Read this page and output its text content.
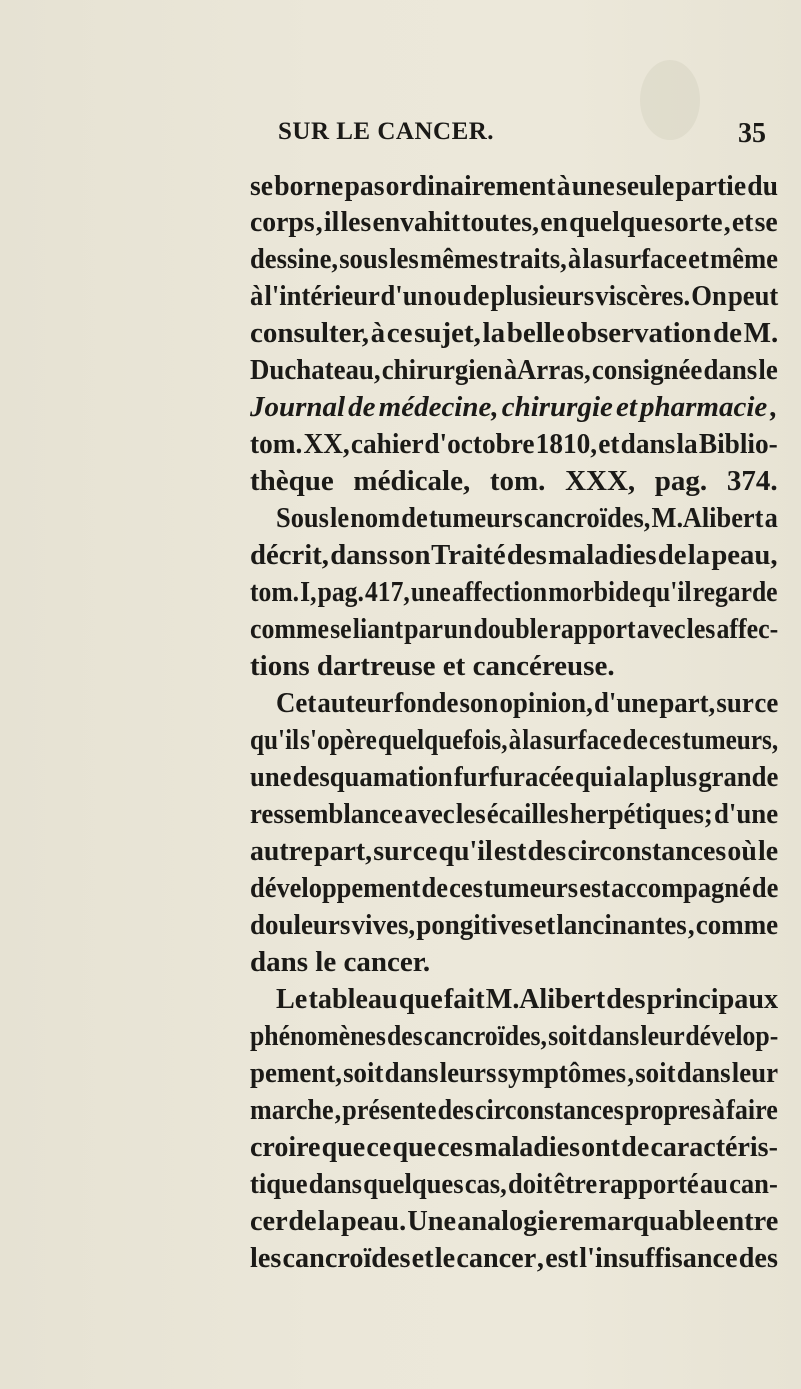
SUR LE CANCER.	35
se borne pas ordinairement à une seule partie du
corps , il les envahit toutes, en quelque sorte , et se
dessine, sous les mêmes traits, à la surface et même
à l'intérieur d'un ou de plusieurs viscères. On peut
consulter, à ce sujet, la belle observation de M.
Duchateau, chirurgien à Arras, consignée dans le
Journal de médecine, chirurgie et pharmacie ,
tom. XX, cahier d'octobre 1810, et dans la Biblio-
thèque médicale, tom. XXX, pag. 374.
Sous le nom de tumeurs cancroïdes, M. Alibert a
décrit, dans son Traité des maladies de la peau,
tom. I, pag. 417, une affection morbide qu'il regarde
comme se liant par un double rapport avec les affec-
tions dartreuse et cancéreuse.
Cet auteur fonde son opinion, d'une part, sur ce
qu'il s'opère quelquefois, à la surface de ces tumeurs,
une desquamation furfuracée qui a la plus grande
ressemblance avec les écailles herpétiques; d'une
autre part, sur ce qu'il est des circonstances où le
développement de ces tumeurs est accompagné de
douleurs vives, pongitives et lancinantes , comme
dans le cancer.
Le tableau que fait M. Alibert des principaux
phénomènes des cancroïdes, soit dans leur dévelop-
pement, soit dans leurs symptômes , soit dans leur
marche , présente des circonstances propres à faire
croire que ce que ces maladies ont de caractéris-
tique dans quelques cas, doit être rapporté au can-
cer de la peau. Une analogie remarquable entre
les cancroïdes et le cancer , est l'insuffisance des
